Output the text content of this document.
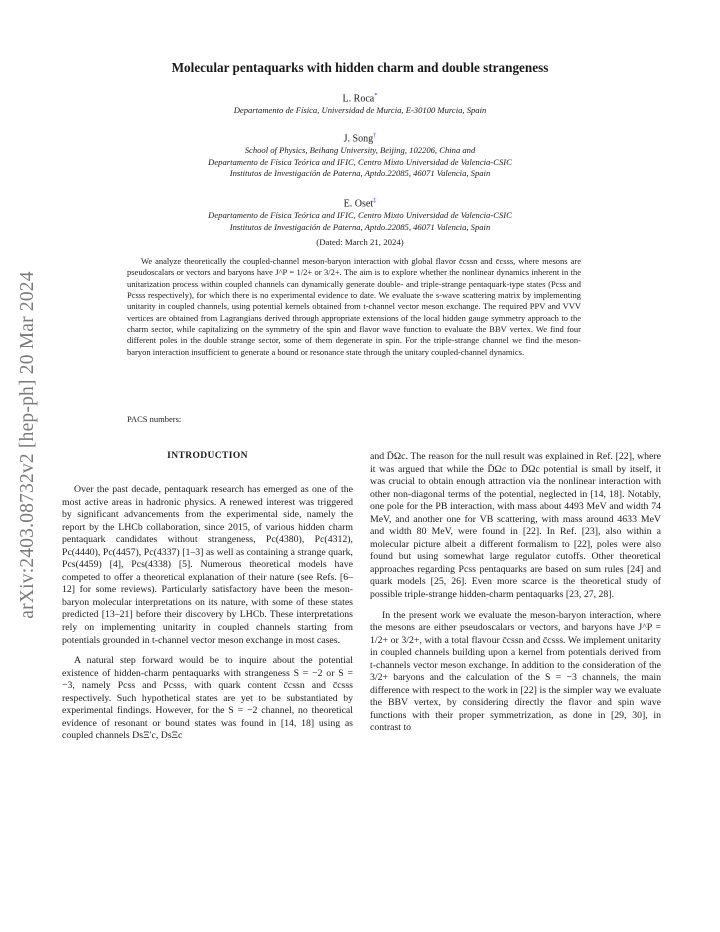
arXiv:2403.08732v2 [hep-ph] 20 Mar 2024
Molecular pentaquarks with hidden charm and double strangeness
L. Roca*
Departamento de Física, Universidad de Murcia, E-30100 Murcia, Spain
J. Song†
School of Physics, Beihang University, Beijing, 102206, China and
Departamento de Física Teórica and IFIC, Centro Mixto Universidad de Valencia-CSIC
Institutos de Investigación de Paterna, Aptdo.22085, 46071 Valencia, Spain
E. Oset‡
Departamento de Física Teórica and IFIC, Centro Mixto Universidad de Valencia-CSIC
Institutos de Investigación de Paterna, Aptdo.22085, 46071 Valencia, Spain
(Dated: March 21, 2024)

We analyze theoretically the coupled-channel meson-baryon interaction with global flavor c̄cssn and c̄csss, where mesons are pseudoscalars or vectors and baryons have J^P = 1/2+ or 3/2+. The aim is to explore whether the nonlinear dynamics inherent in the unitarization process within coupled channels can dynamically generate double- and triple-strange pentaquark-type states (Pcss and Pcsss respectively), for which there is no experimental evidence to date. We evaluate the s-wave scattering matrix by implementing unitarity in coupled channels, using potential kernels obtained from t-channel vector meson exchange. The required PPV and VVV vertices are obtained from Lagrangians derived through appropriate extensions of the local hidden gauge symmetry approach to the charm sector, while capitalizing on the symmetry of the spin and flavor wave function to evaluate the BBV vertex. We find four different poles in the double strange sector, some of them degenerate in spin. For the triple-strange channel we find the meson-baryon interaction insufficient to generate a bound or resonance state through the unitary coupled-channel dynamics.

PACS numbers:
INTRODUCTION

Over the past decade, pentaquark research has emerged as one of the most active areas in hadronic physics. A renewed interest was triggered by significant advancements from the experimental side, namely the report by the LHCb collaboration, since 2015, of various hidden charm pentaquark candidates without strangeness, Pc(4380), Pc(4312), Pc(4440), Pc(4457), Pc(4337) [1–3] as well as containing a strange quark, Pcs(4459) [4], Pcs(4338) [5]. Numerous theoretical models have competed to offer a theoretical explanation of their nature (see Refs. [6–12] for some reviews). Particularly satisfactory have been the meson-baryon molecular interpretations on its nature, with some of these states predicted [13–21] before their discovery by LHCb. These interpretations rely on implementing unitarity in coupled channels starting from potentials grounded in t-channel vector meson exchange in most cases.

A natural step forward would be to inquire about the potential existence of hidden-charm pentaquarks with strangeness S = −2 or S = −3, namely Pcss and Pcsss, with quark content c̄cssn and c̄csss respectively. Such hypothetical states are yet to be substantiated by experimental findings. However, for the S = −2 channel, no theoretical evidence of resonant or bound states was found in [14, 18] using as coupled channels DsΞ′c, DsΞc

and D̄Ωc. The reason for the null result was explained in Ref. [22], where it was argued that while the D̄Ωc to D̄Ωc potential is small by itself, it was crucial to obtain enough attraction via the nonlinear interaction with other non-diagonal terms of the potential, neglected in [14, 18]. Notably, one pole for the PB interaction, with mass about 4493 MeV and width 74 MeV, and another one for VB scattering, with mass around 4633 MeV and width 80 MeV, were found in [22]. In Ref. [23], also within a molecular picture albeit a different formalism to [22], poles were also found but using somewhat large regulator cutoffs. Other theoretical approaches regarding Pcss pentaquarks are based on sum rules [24] and quark models [25, 26]. Even more scarce is the theoretical study of possible triple-strange hidden-charm pentaquarks [23, 27, 28].

In the present work we evaluate the meson-baryon interaction, where the mesons are either pseudoscalars or vectors, and baryons have J^P = 1/2+ or 3/2+, with a total flavour c̄cssn and c̄csss. We implement unitarity in coupled channels building upon a kernel from potentials derived from t-channels vector meson exchange. In addition to the consideration of the 3/2+ baryons and the calculation of the S = −3 channels, the main difference with respect to the work in [22] is the simpler way we evaluate the BBV vertex, by considering directly the flavor and spin wave functions with their proper symmetrization, as done in [29, 30], in contrast to
